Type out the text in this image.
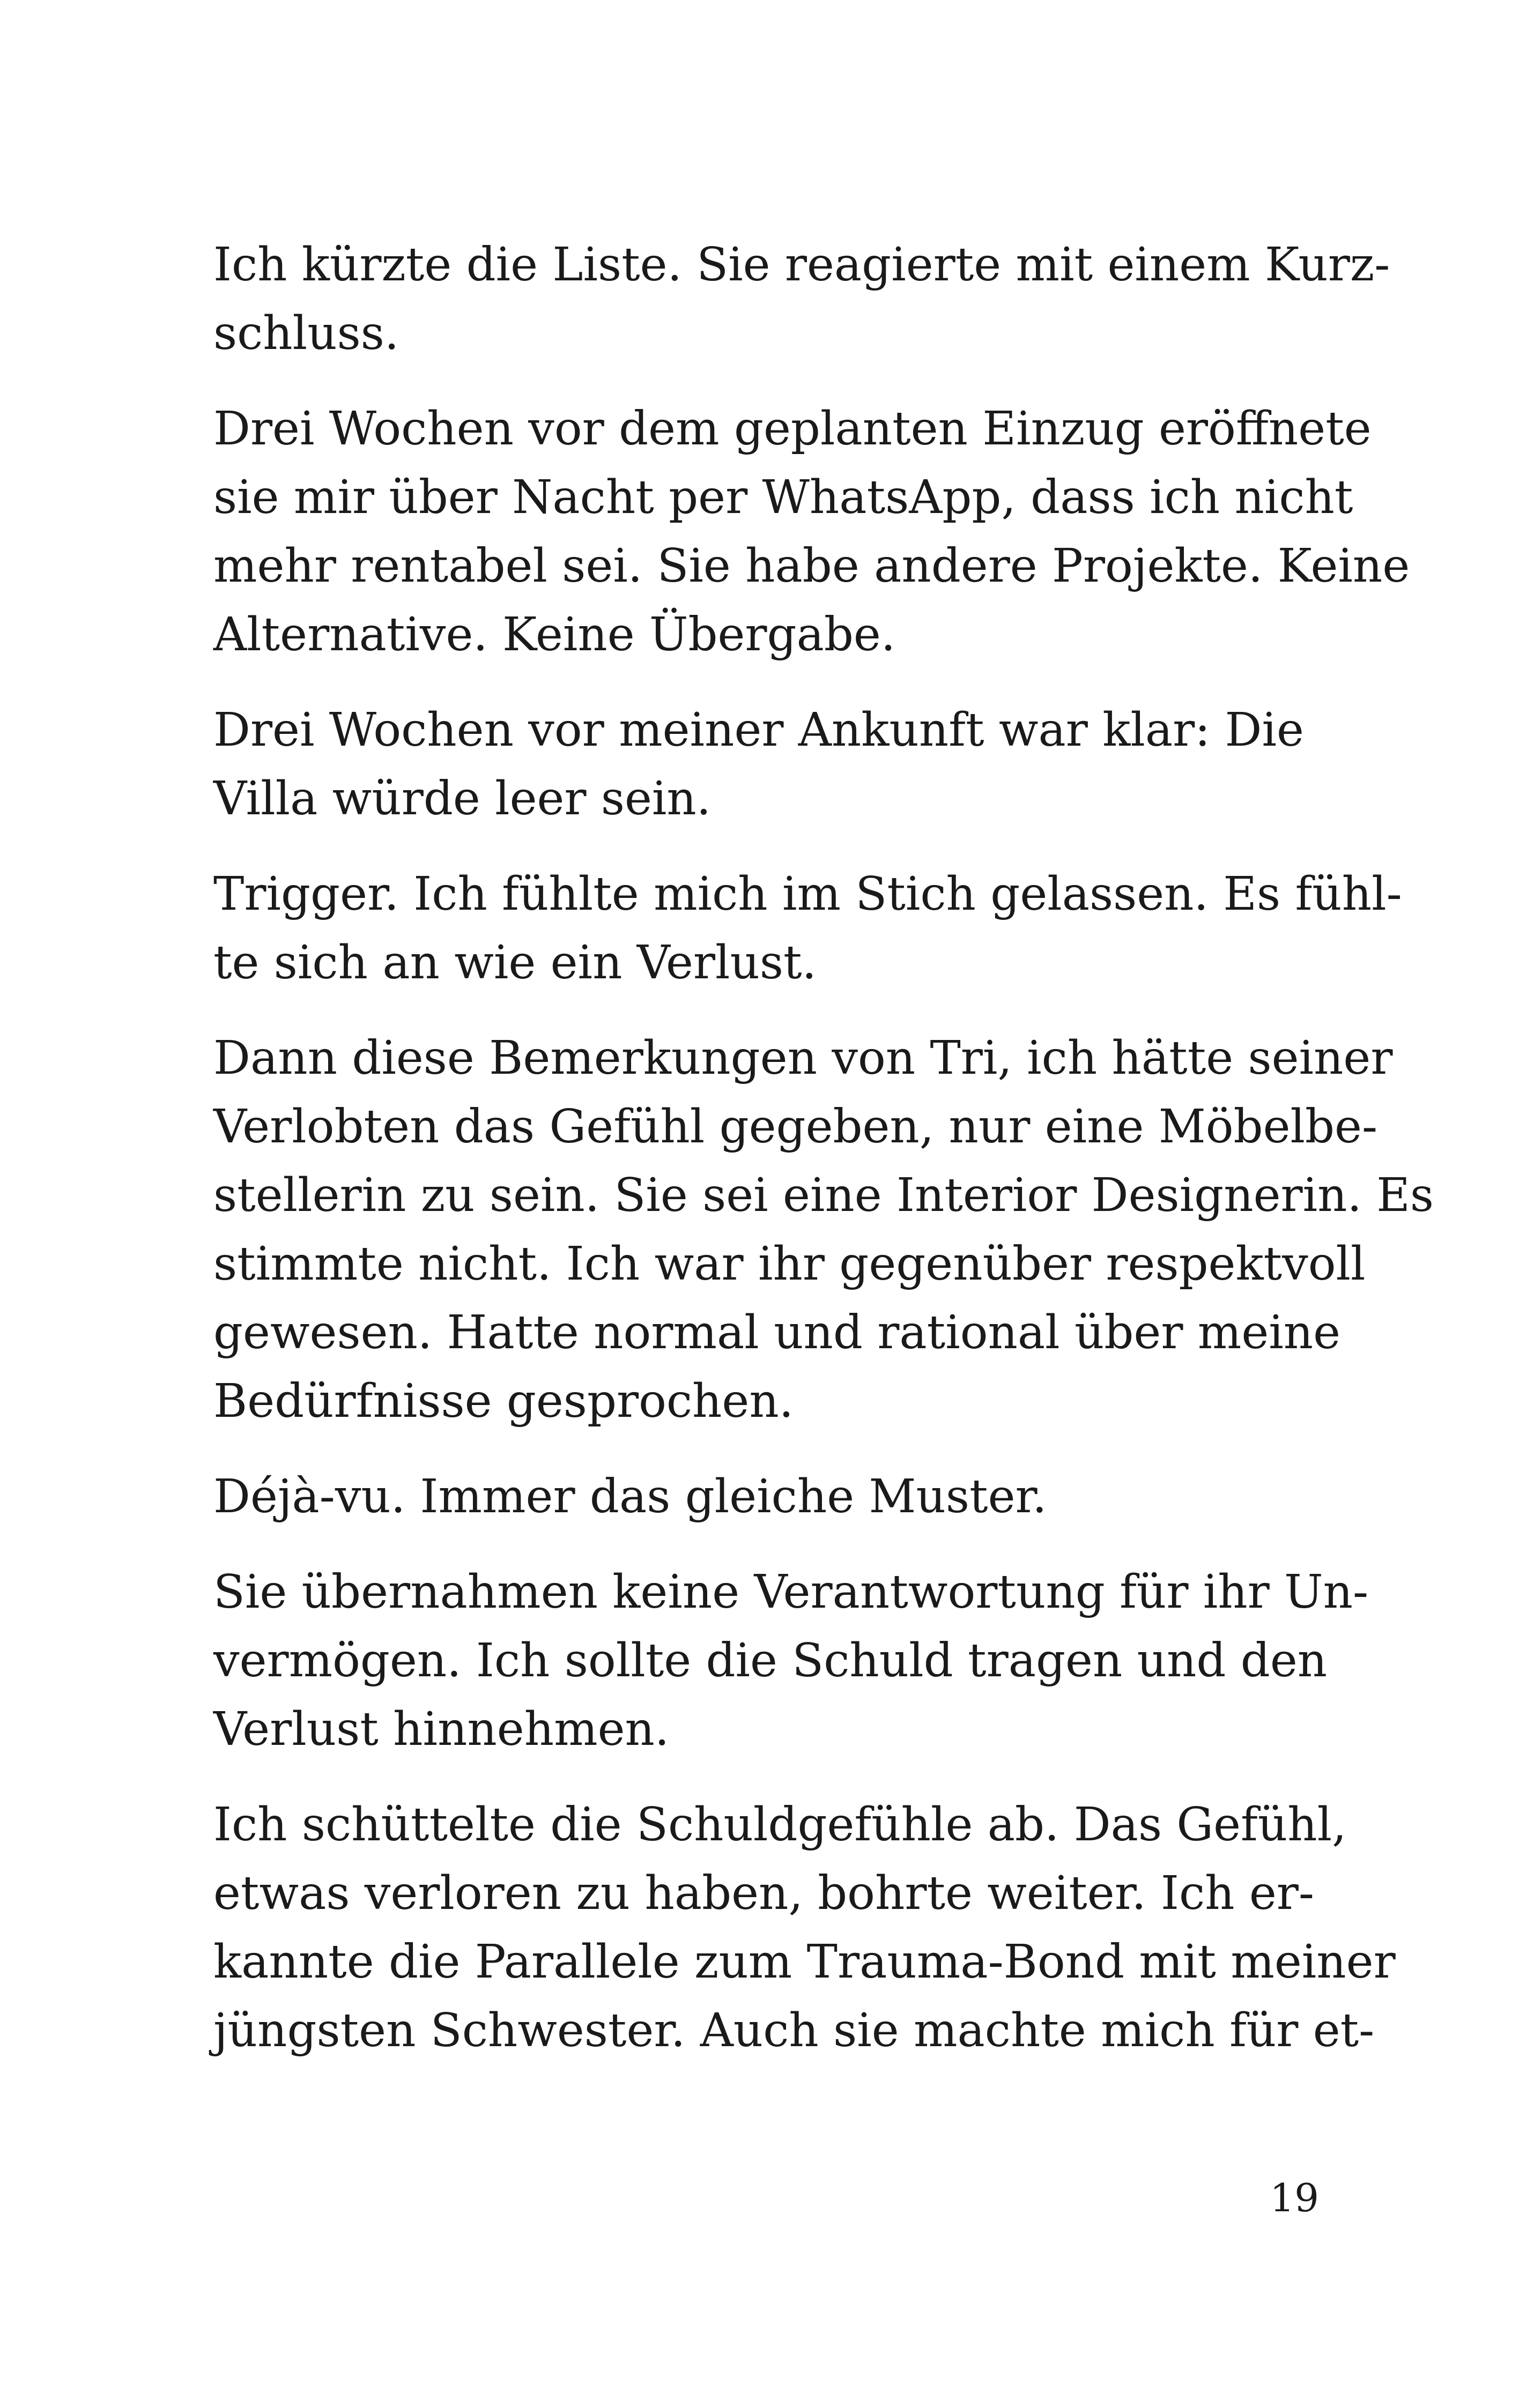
Ich kürzte die Liste. Sie reagierte mit einem Kurz-
schluss.

Drei Wochen vor dem geplanten Einzug eröffnete
sie mir über Nacht per WhatsApp, dass ich nicht
mehr rentabel sei. Sie habe andere Projekte. Keine
Alternative. Keine Übergabe.

Drei Wochen vor meiner Ankunft war klar: Die
Villa würde leer sein.

Trigger. Ich fühlte mich im Stich gelassen. Es fühl-
te sich an wie ein Verlust.

Dann diese Bemerkungen von Tri, ich hätte seiner
Verlobten das Gefühl gegeben, nur eine Möbelbe-
stellerin zu sein. Sie sei eine Interior Designerin. Es
stimmte nicht. Ich war ihr gegenüber respektvoll
gewesen. Hatte normal und rational über meine
Bedürfnisse gesprochen.

Déjà-vu. Immer das gleiche Muster.

Sie übernahmen keine Verantwortung für ihr Un-
vermögen. Ich sollte die Schuld tragen und den
Verlust hinnehmen.

Ich schüttelte die Schuldgefühle ab. Das Gefühl,
etwas verloren zu haben, bohrte weiter. Ich er-
kannte die Parallele zum Trauma-Bond mit meiner
jüngsten Schwester. Auch sie machte mich für et-

19
